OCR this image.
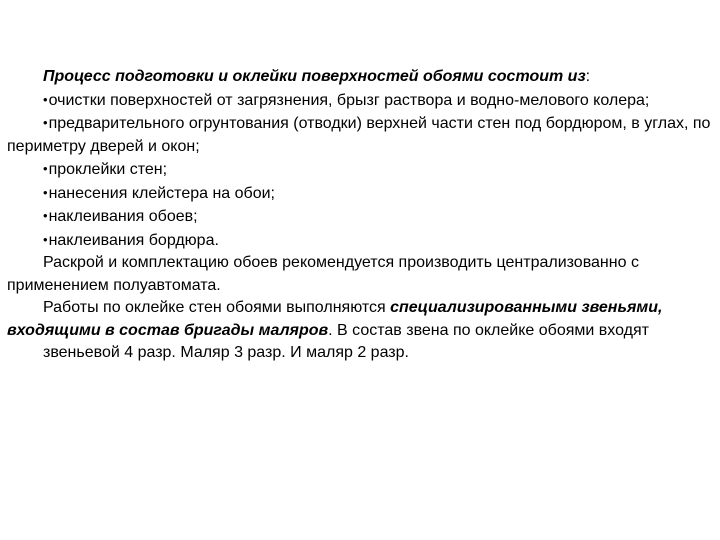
Процесс подготовки и оклейки поверхностей обоями состоит из:

•очистки поверхностей от загрязнения, брызг раствора и водно-мелового колера;

•предварительного огрунтования (отводки) верхней части стен под бордюром, в углах, по периметру дверей и окон;

•проклейки стен;

•нанесения клейстера на обои;

•наклеивания обоев;

•наклеивания бордюра.

Раскрой и комплектацию обоев рекомендуется производить централизованно с применением полуавтомата.

Работы по оклейке стен обоями выполняются специализированными звеньями, входящими в состав бригады маляров. В состав звена по оклейке обоями входят

звеньевой 4 разр. Маляр 3 разр. И маляр 2 разр.
